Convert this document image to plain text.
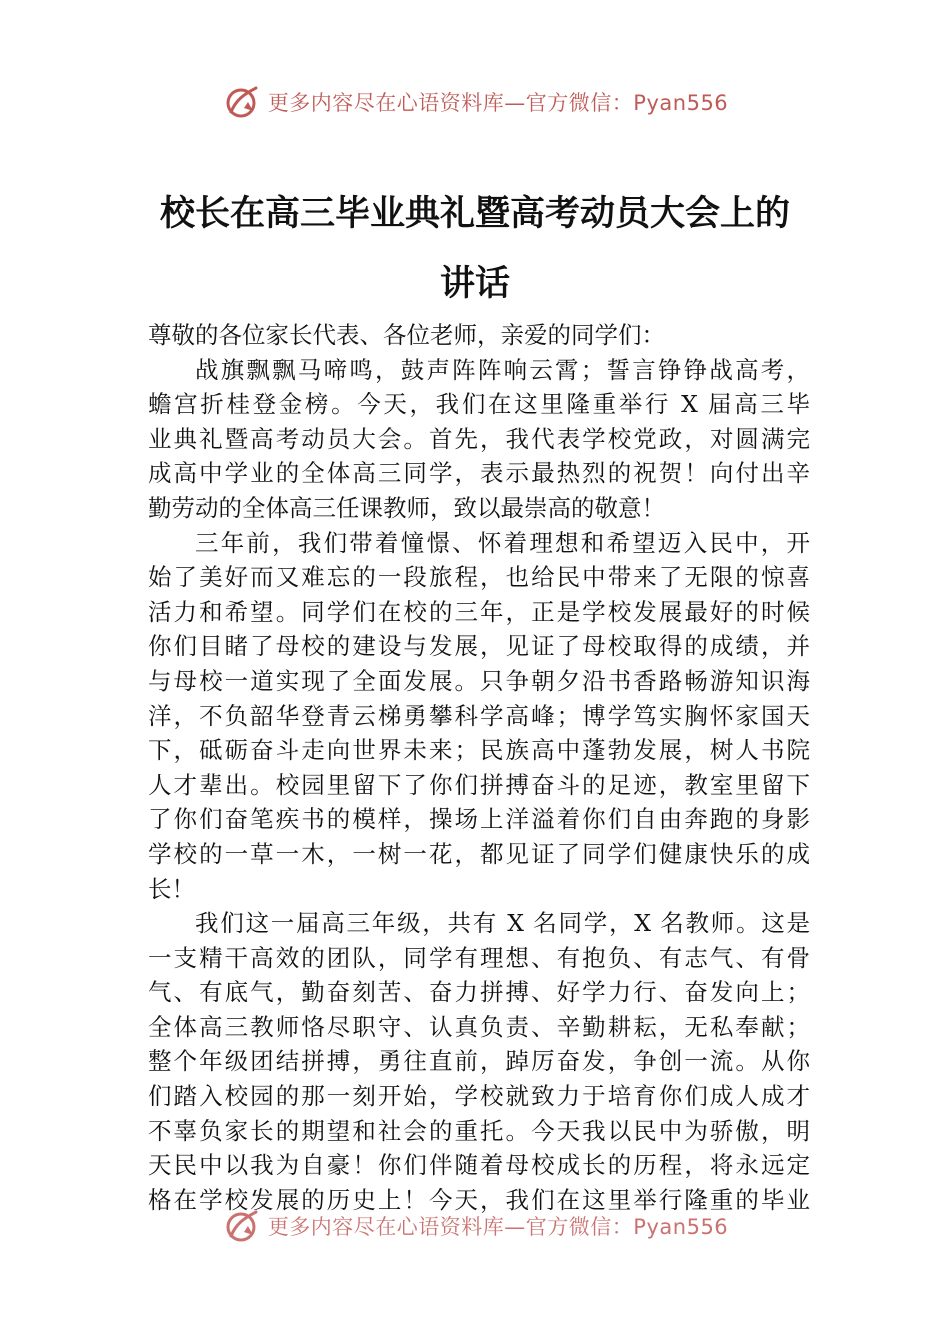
更多内容尽在心语资料库—官方微信：Pyan556
校长在高三毕业典礼暨高考动员大会上的
讲话
尊敬的各位家长代表、各位老师，亲爱的同学们：
战旗飘飘马啼鸣，鼓声阵阵响云霄；誓言铮铮战高考，
蟾宫折桂登金榜。今天，我们在这里隆重举行 X 届高三毕
业典礼暨高考动员大会。首先，我代表学校党政，对圆满完
成高中学业的全体高三同学，表示最热烈的祝贺！向付出辛
勤劳动的全体高三任课教师，致以最崇高的敬意！
三年前，我们带着憧憬、怀着理想和希望迈入民中，开
始了美好而又难忘的一段旅程，也给民中带来了无限的惊喜
活力和希望。同学们在校的三年，正是学校发展最好的时候
你们目睹了母校的建设与发展，见证了母校取得的成绩，并
与母校一道实现了全面发展。只争朝夕沿书香路畅游知识海
洋，不负韶华登青云梯勇攀科学高峰；博学笃实胸怀家国天
下，砥砺奋斗走向世界未来；民族高中蓬勃发展，树人书院
人才辈出。校园里留下了你们拼搏奋斗的足迹，教室里留下
了你们奋笔疾书的模样，操场上洋溢着你们自由奔跑的身影
学校的一草一木，一树一花，都见证了同学们健康快乐的成
长！
我们这一届高三年级，共有 X 名同学，X 名教师。这是
一支精干高效的团队，同学有理想、有抱负、有志气、有骨
气、有底气，勤奋刻苦、奋力拼搏、好学力行、奋发向上；
全体高三教师恪尽职守、认真负责、辛勤耕耘，无私奉献；
整个年级团结拼搏，勇往直前，踔厉奋发，争创一流。从你
们踏入校园的那一刻开始，学校就致力于培育你们成人成才
不辜负家长的期望和社会的重托。今天我以民中为骄傲，明
天民中以我为自豪！你们伴随着母校成长的历程，将永远定
格在学校发展的历史上！今天，我们在这里举行隆重的毕业
更多内容尽在心语资料库—官方微信：Pyan556
